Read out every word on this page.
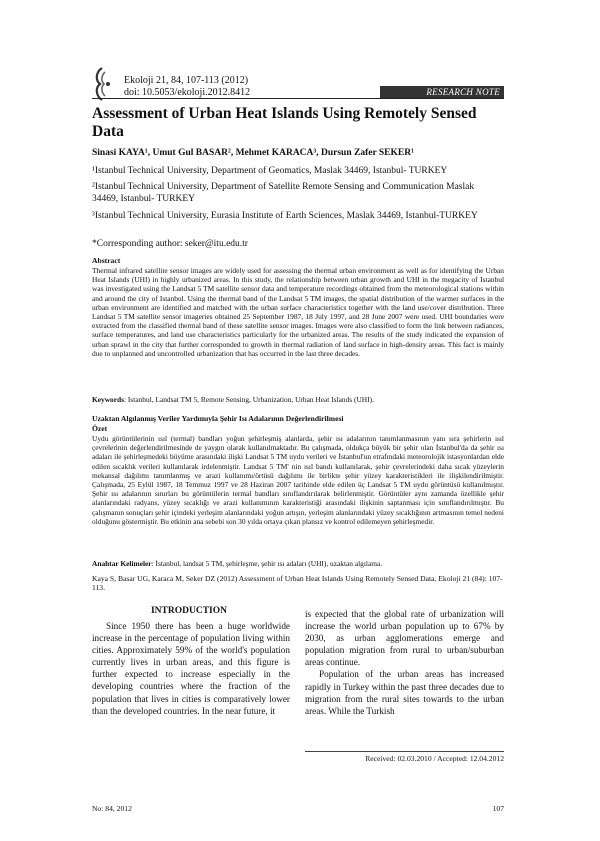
Ekoloji 21, 84, 107-113 (2012)
doi: 10.5053/ekoloji.2012.8412	RESEARCH NOTE
Assessment of Urban Heat Islands Using Remotely Sensed Data
Sinasi KAYA¹, Umut Gul BASAR², Mehmet KARACA³, Dursun Zafer SEKER¹
¹Istanbul Technical University, Department of Geomatics, Maslak 34469, Istanbul- TURKEY
²Istanbul Technical University, Department of Satellite Remote Sensing and Communication Maslak 34469, Istanbul- TURKEY
³Istanbul Technical University, Eurasia Institute of Earth Sciences, Maslak 34469, Istanbul-TURKEY
*Corresponding author: seker@itu.edu.tr
Abstract
Thermal infrared satellite sensor images are widely used for assessing the thermal urban environment as well as for identifying the Urban Heat Islands (UHI) in highly urbanized areas. In this study, the relationship between urban growth and UHI in the megacity of Istanbul was investigated using the Landsat 5 TM satellite sensor data and temperature recordings obtained from the meteorological stations within and around the city of Istanbul. Using the thermal band of the Landsat 5 TM images, the spatial distribution of the warmer surfaces in the urban environment are identified and matched with the urban surface characteristics together with the land use/cover distribution. Three Landsat 5 TM satellite sensor imageries obtained 25 September 1987, 18 July 1997, and 28 June 2007 were used. UHI boundaries were extracted from the classified thermal band of these satellite sensor images. Images were also classified to form the link between radiances, surface temperatures, and land use characteristics particularly for the urbanized areas. The results of the study indicated the expansion of urban sprawl in the city that further corresponded to growth in thermal radiation of land surface in high-density areas. This fact is mainly due to unplanned and uncontrolled urbanization that has occurred in the last three decades.
Keywords: Istanbul, Landsat TM 5, Remote Sensing, Urbanization, Urban Heat Islands (UHI).
Uzaktan Algılanmış Veriler Yardımıyla Şehir Isı Adalarının Değerlendirilmesi
Özet
Uydu görüntülerinin ısıl (termal) bandları yoğun şehirleşmiş alanlarda, şehir ısı adalarının tanımlanmasının yanı sıra şehirlerin ısıl çevrelerinin değerlendirilmesinde de yaygın olarak kullanılmaktadır. Bu çalışmada, oldukça büyük bir şehir olan İstanbul'da da şehir ısı adaları ile şehirleşmedeki büyüme arasındaki ilişki Landsat 5 TM uydu verileri ve İstanbul'un etrafındaki meteorolojik istasyonlardan elde edilen sıcaklık verileri kullanılarak irdelenmiştir. Landsat 5 TM' nin ısıl bandı kullanılarak, şehir çevrelerindeki daha sıcak yüzeylerin mekansal dağılımı tanımlanmış ve arazi kullanımı/örtüsü dağılımı ile birlikte şehir yüzey karakteristikleri ile ilişkilendirilmiştir. Çalışmada, 25 Eylül 1987, 18 Temmuz 1997 ve 28 Haziran 2007 tarihinde elde edilen üç Landsat 5 TM uydu görüntüsü kullanılmıştır. Şehir ısı adalarının sınırları bu görüntülerin termal bandları sınıflandırılarak belirlenmiştir. Görüntüler aynı zamanda özellikle şehir alanlarındaki radyans, yüzey sıcaklığı ve arazi kullanımının karakteristiği arasındaki ilişkinin saptanması için sınıflandırılmıştır. Bu çalışmanın sonuçları şehir içindeki yerleşim alanlarındaki yoğun artışın, yerleşim alanlarındaki yüzey sıcaklığının artmasının temel nedeni olduğunu göstermiştir. Bu etkinin ana sebebi son 30 yılda ortaya çıkan plansız ve kontrol edilemeyen şehirleşmedir.
Anahtar Kelimeler: İstanbul, landsat 5 TM, şehirleşme, şehir ısı adaları (UHI), uzaktan algılama.
Kaya S, Basar UG, Karaca M, Seker DZ (2012) Assessment of Urban Heat Islands Using Remotely Sensed Data. Ekoloji 21 (84): 107-113.
INTRODUCTION

Since 1950 there has been a huge worldwide increase in the percentage of population living within cities. Approximately 59% of the world's population currently lives in urban areas, and this figure is further expected to increase especially in the developing countries where the fraction of the population that lives in cities is comparatively lower than the developed countries. In the near future, it

is expected that the global rate of urbanization will increase the world urban population up to 67% by 2030, as urban agglomerations emerge and population migration from rural to urban/suburban areas continue.

Population of the urban areas has increased rapidly in Turkey within the past three decades due to migration from the rural sites towards to the urban areas. While the Turkish

Received: 02.03.2010 / Accepted: 12.04.2012
No: 84, 2012	107
